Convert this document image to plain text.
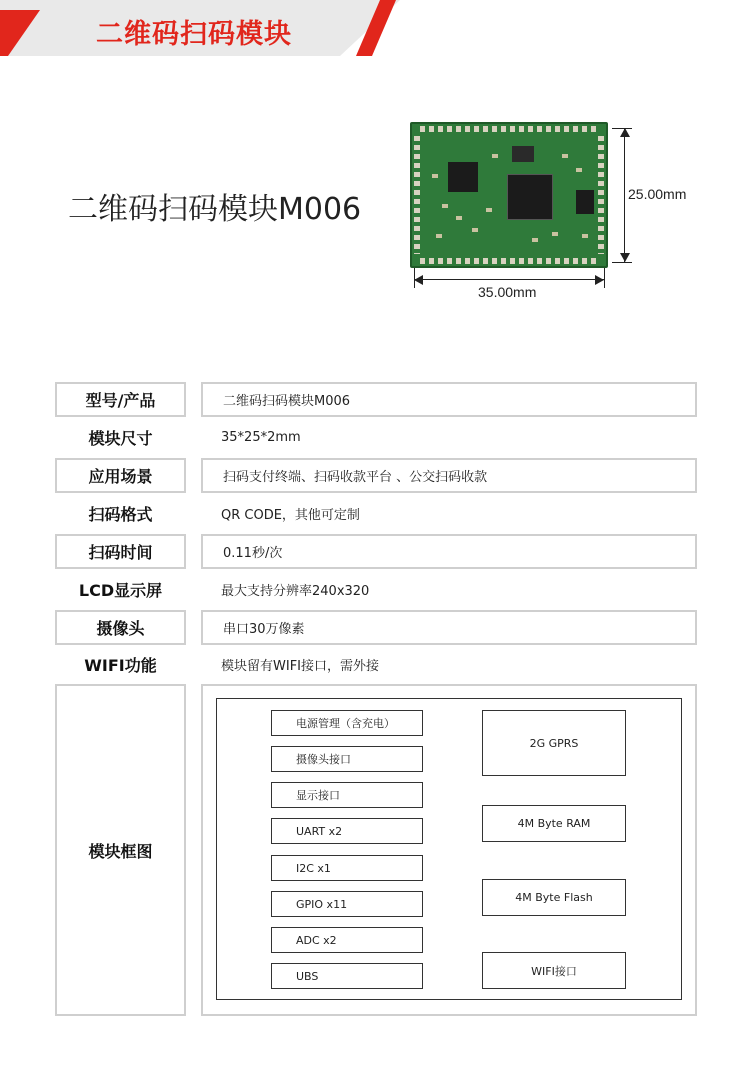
二维码扫码模块
二维码扫码模块M006	25.00mm
35.00mm
型号/产品	二维码扫码模块M006
模块尺寸	35*25*2mm
应用场景	扫码支付终端、扫码收款平台 、公交扫码收款
扫码格式	QR CODE，其他可定制
扫码时间	0.11秒/次
LCD显示屏	最大支持分辨率240x320
摄像头	串口30万像素
WIFI功能	模块留有WIFI接口，需外接
模块框图
电源管理（含充电）
摄像头接口
显示接口
UART x2
I2C x1
GPIO x11
ADC x2
UBS
2G GPRS
4M Byte RAM
4M Byte Flash
WIFI接口
